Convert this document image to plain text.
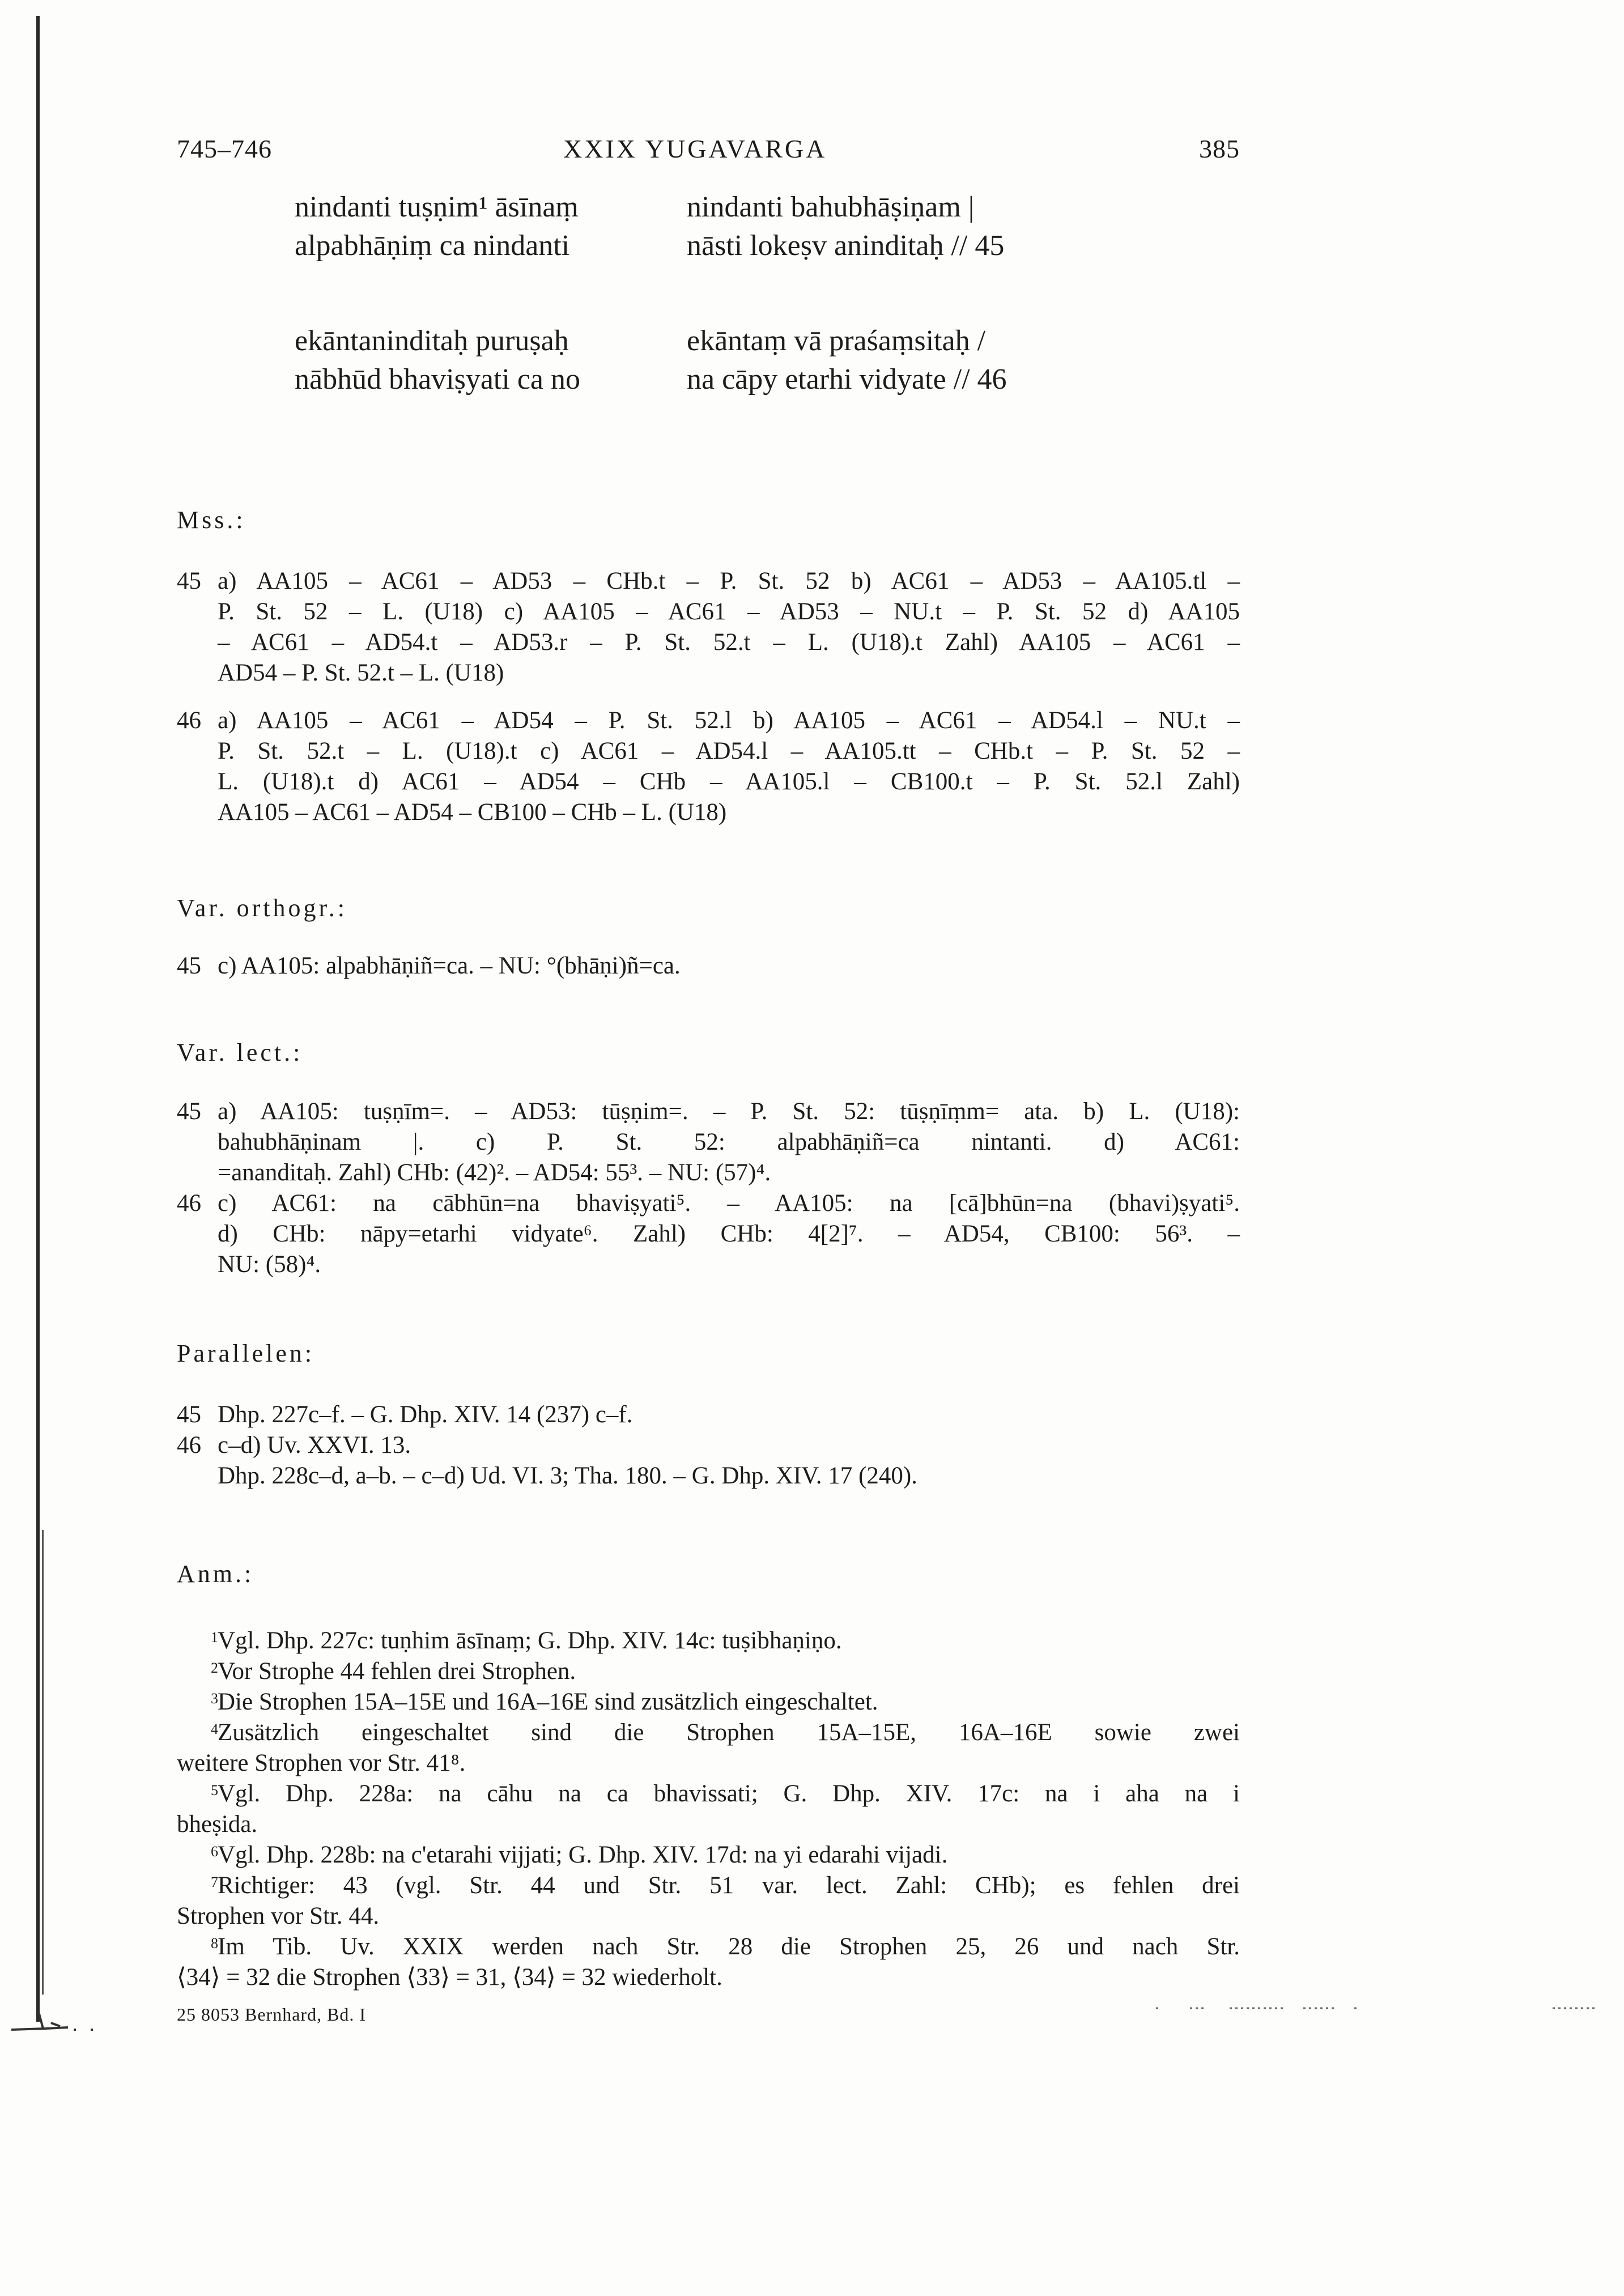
745–746	XXIX YUGAVARGA	385
nindanti tuṣṇim¹ āsīnaṃ
alpabhāṇiṃ ca nindanti
nindanti bahubhāṣiṇam |
nāsti lokeṣv aninditaḥ // 45
ekāntaninditaḥ puruṣaḥ
nābhūd bhaviṣyati ca no
ekāntaṃ vā praśaṃsitaḥ /
na cāpy etarhi vidyate // 46
Mss.:
45 a) AA105 – AC61 – AD53 – CHb.t – P. St. 52 b) AC61 – AD53 – AA105.tl –
P. St. 52 – L. (U18) c) AA105 – AC61 – AD53 – NU.t – P. St. 52 d) AA105
– AC61 – AD54.t – AD53.r – P. St. 52.t – L. (U18).t Zahl) AA105 – AC61 –
AD54 – P. St. 52.t – L. (U18)
46 a) AA105 – AC61 – AD54 – P. St. 52.l b) AA105 – AC61 – AD54.l – NU.t –
P. St. 52.t – L. (U18).t c) AC61 – AD54.l – AA105.tt – CHb.t – P. St. 52 –
L. (U18).t d) AC61 – AD54 – CHb – AA105.l – CB100.t – P. St. 52.l Zahl)
AA105 – AC61 – AD54 – CB100 – CHb – L. (U18)
Var. orthogr.:
45 c) AA105: alpabhāṇiñ=ca. – NU: °(bhāṇi)ñ=ca.
Var. lect.:
45 a) AA105: tuṣṇīm=. – AD53: tūṣṇim=. – P. St. 52: tūṣṇīṃm= ata. b) L. (U18):
bahubhāṇinam |. c) P. St. 52: alpabhāṇiñ=ca nintanti. d) AC61:
=ananditaḥ. Zahl) CHb: (42)². – AD54: 55³. – NU: (57)⁴.
46 c) AC61: na cābhūn=na bhaviṣyati⁵. – AA105: na [cā]bhūn=na (bhavi)ṣyati⁵.
d) CHb: nāpy=etarhi vidyate⁶. Zahl) CHb: 4[2]⁷. – AD54, CB100: 56³. –
NU: (58)⁴.
Parallelen:
45 Dhp. 227c–f. – G. Dhp. XIV. 14 (237) c–f.
46 c–d) Uv. XXVI. 13.
Dhp. 228c–d, a–b. – c–d) Ud. VI. 3; Tha. 180. – G. Dhp. XIV. 17 (240).
Anm.:
1 Vgl. Dhp. 227c: tuṇhim āsīnaṃ; G. Dhp. XIV. 14c: tuṣibhaṇiṇo.
2 Vor Strophe 44 fehlen drei Strophen.
3 Die Strophen 15A–15E und 16A–16E sind zusätzlich eingeschaltet.
4 Zusätzlich eingeschaltet sind die Strophen 15A–15E, 16A–16E sowie zwei
weitere Strophen vor Str. 41⁸.
5 Vgl. Dhp. 228a: na cāhu na ca bhavissati; G. Dhp. XIV. 17c: na i aha na i
bheṣida.
6 Vgl. Dhp. 228b: na c'etarahi vijjati; G. Dhp. XIV. 17d: na yi edarahi vijadi.
7 Richtiger: 43 (vgl. Str. 44 und Str. 51 var. lect. Zahl: CHb); es fehlen drei
Strophen vor Str. 44.
8 Im Tib. Uv. XXIX werden nach Str. 28 die Strophen 25, 26 und nach Str.
⟨34⟩ = 32 die Strophen ⟨33⟩ = 31, ⟨34⟩ = 32 wiederholt.
25 8053 Bernhard, Bd. I
